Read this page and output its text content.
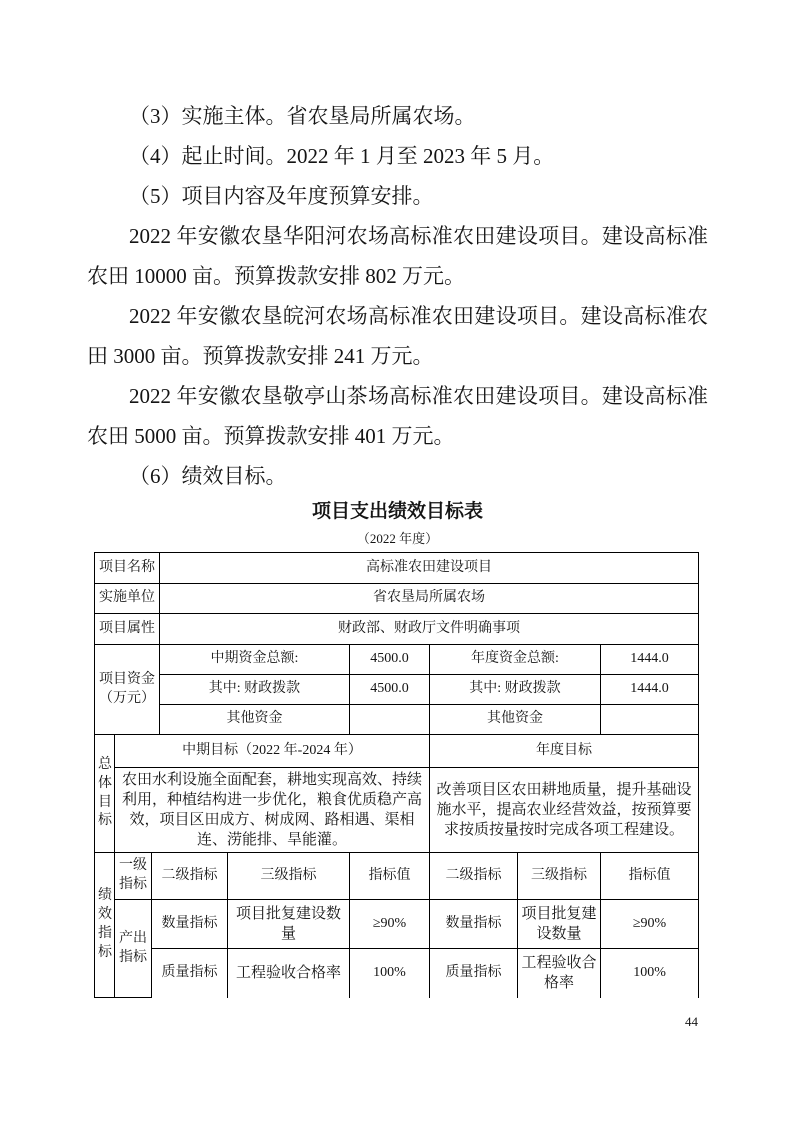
（3）实施主体。省农垦局所属农场。

（4）起止时间。2022 年 1 月至 2023 年 5 月。

（5）项目内容及年度预算安排。

2022 年安徽农垦华阳河农场高标准农田建设项目。建设高标准农田 10000 亩。预算拨款安排 802 万元。

2022 年安徽农垦皖河农场高标准农田建设项目。建设高标准农田 3000 亩。预算拨款安排 241 万元。

2022 年安徽农垦敬亭山茶场高标准农田建设项目。建设高标准农田 5000 亩。预算拨款安排 401 万元。

（6）绩效目标。

项目支出绩效目标表
（2022 年度）
项目名称			高标准农田建设项目					
实施单位			省农垦局所属农场					
项目属性			财政部、财政厅文件明确事项					
项目资金（万元）			中期资金总额:		4500.0	年度资金总额:		1444.0
			其中: 财政拨款		4500.0	其中: 财政拨款		1444.0
			其他资金			其他资金		
总体目标	中期目标（2022 年-2024 年）					年度目标		
	农田水利设施全面配套，耕地实现高效、持续利用，种植结构进一步优化，粮食优质稳产高效，项目区田成方、树成网、路相遇、渠相连、涝能排、旱能灌。					改善项目区农田耕地质量，提升基础设施水平，提高农业经营效益，按预算要求按质按量按时完成各项工程建设。		
绩效指标	一级指标	二级指标		三级指标	指标值	二级指标	三级指标	指标值
	产出指标	数量指标		项目批复建设数量	≥90%	数量指标	项目批复建设数量	≥90%
		质量指标		工程验收合格率	100%	质量指标	工程验收合格率	100%
44
